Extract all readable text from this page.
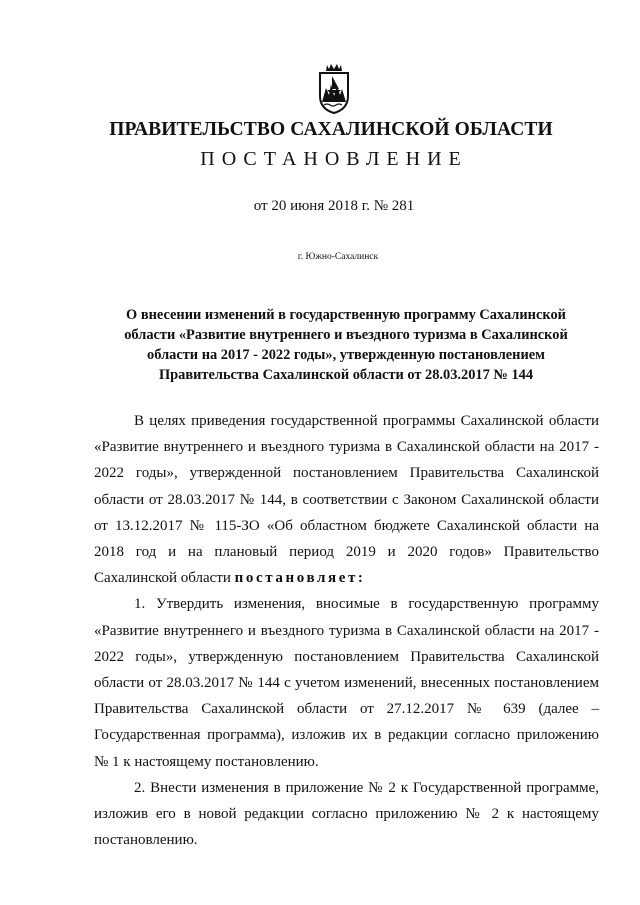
ПРАВИТЕЛЬСТВО САХАЛИНСКОЙ ОБЛАСТИ
ПОСТАНОВЛЕНИЕ
от 20 июня 2018 г. № 281
г. Южно-Сахалинск
О внесении изменений в государственную программу Сахалинской
области «Развитие внутреннего и въездного туризма в Сахалинской
области на 2017 - 2022 годы», утвержденную постановлением
Правительства Сахалинской области от 28.03.2017 № 144
В целях приведения государственной программы Сахалинской области
«Развитие внутреннего и въездного туризма в Сахалинской области на 2017 -
2022 годы», утвержденной постановлением Правительства Сахалинской
области от 28.03.2017 № 144, в соответствии с Законом Сахалинской области
от 13.12.2017 № 115-ЗО «Об областном бюджете Сахалинской области на
2018 год и на плановый период 2019 и 2020 годов» Правительство
Сахалинской области постановляет:
1. Утвердить изменения, вносимые в государственную программу
«Развитие внутреннего и въездного туризма в Сахалинской области на 2017 -
2022 годы», утвержденную постановлением Правительства Сахалинской
области от 28.03.2017 № 144 с учетом изменений, внесенных постановлением
Правительства Сахалинской области от 27.12.2017 № 639 (далее –
Государственная программа), изложив их в редакции согласно приложению
№ 1 к настоящему постановлению.
2. Внести изменения в приложение № 2 к Государственной программе,
изложив его в новой редакции согласно приложению № 2 к настоящему
постановлению.
